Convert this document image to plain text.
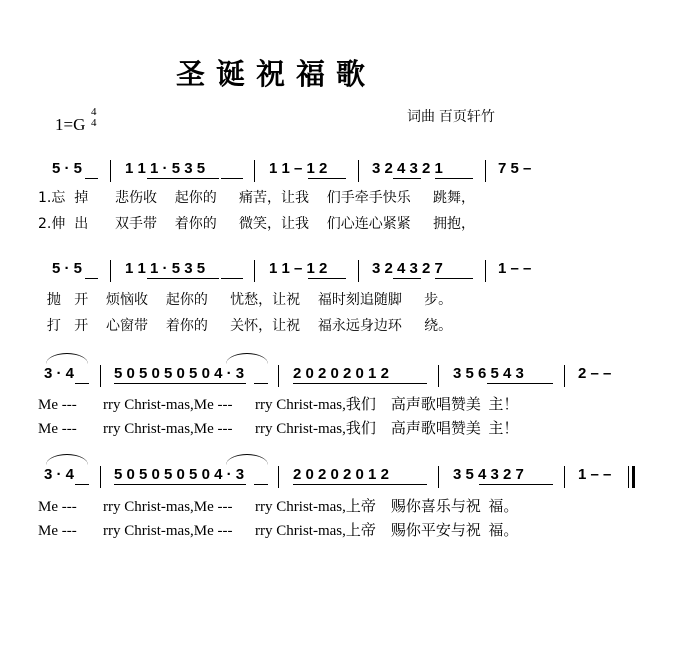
圣诞祝福歌
1=G
4
4	词曲 百页轩竹
5 · 5	1 1 1 · 5 3 5	1 1 – 1 2	3 2 4 3 2 1	7 5 –
1.忘  掉      悲伤收    起你的     痛苦，让我    们手牵手快乐     跳舞，
2.伸  出      双手带    着你的     微笑，让我    们心连心紧紧     拥抱，
5 · 5	1 1 1 · 5 3 5	1 1 – 1 2	3 2 4 3 2 7	1 – –
抛   开    烦恼收    起你的     忧愁，让祝    福时刻追随脚     步。
打   开    心窗带    着你的     关怀，让祝    福永远身边环     绕。
3 · 4	5 0 5 0 5 0 5 0 4 · 3	2 0 2 0 2 0 1 2	3 5 6 5 4 3	2 – –
Me ---       rry Christ-mas,Me ---      rry Christ-mas,我们    高声歌唱赞美  主！
Me ---       rry Christ-mas,Me ---      rry Christ-mas,我们    高声歌唱赞美  主！
3 · 4	5 0 5 0 5 0 5 0 4 · 3	2 0 2 0 2 0 1 2	3 5 4 3 2 7	1 – –
Me ---       rry Christ-mas,Me ---      rry Christ-mas,上帝    赐你喜乐与祝  福。
Me ---       rry Christ-mas,Me ---      rry Christ-mas,上帝    赐你平安与祝  福。
